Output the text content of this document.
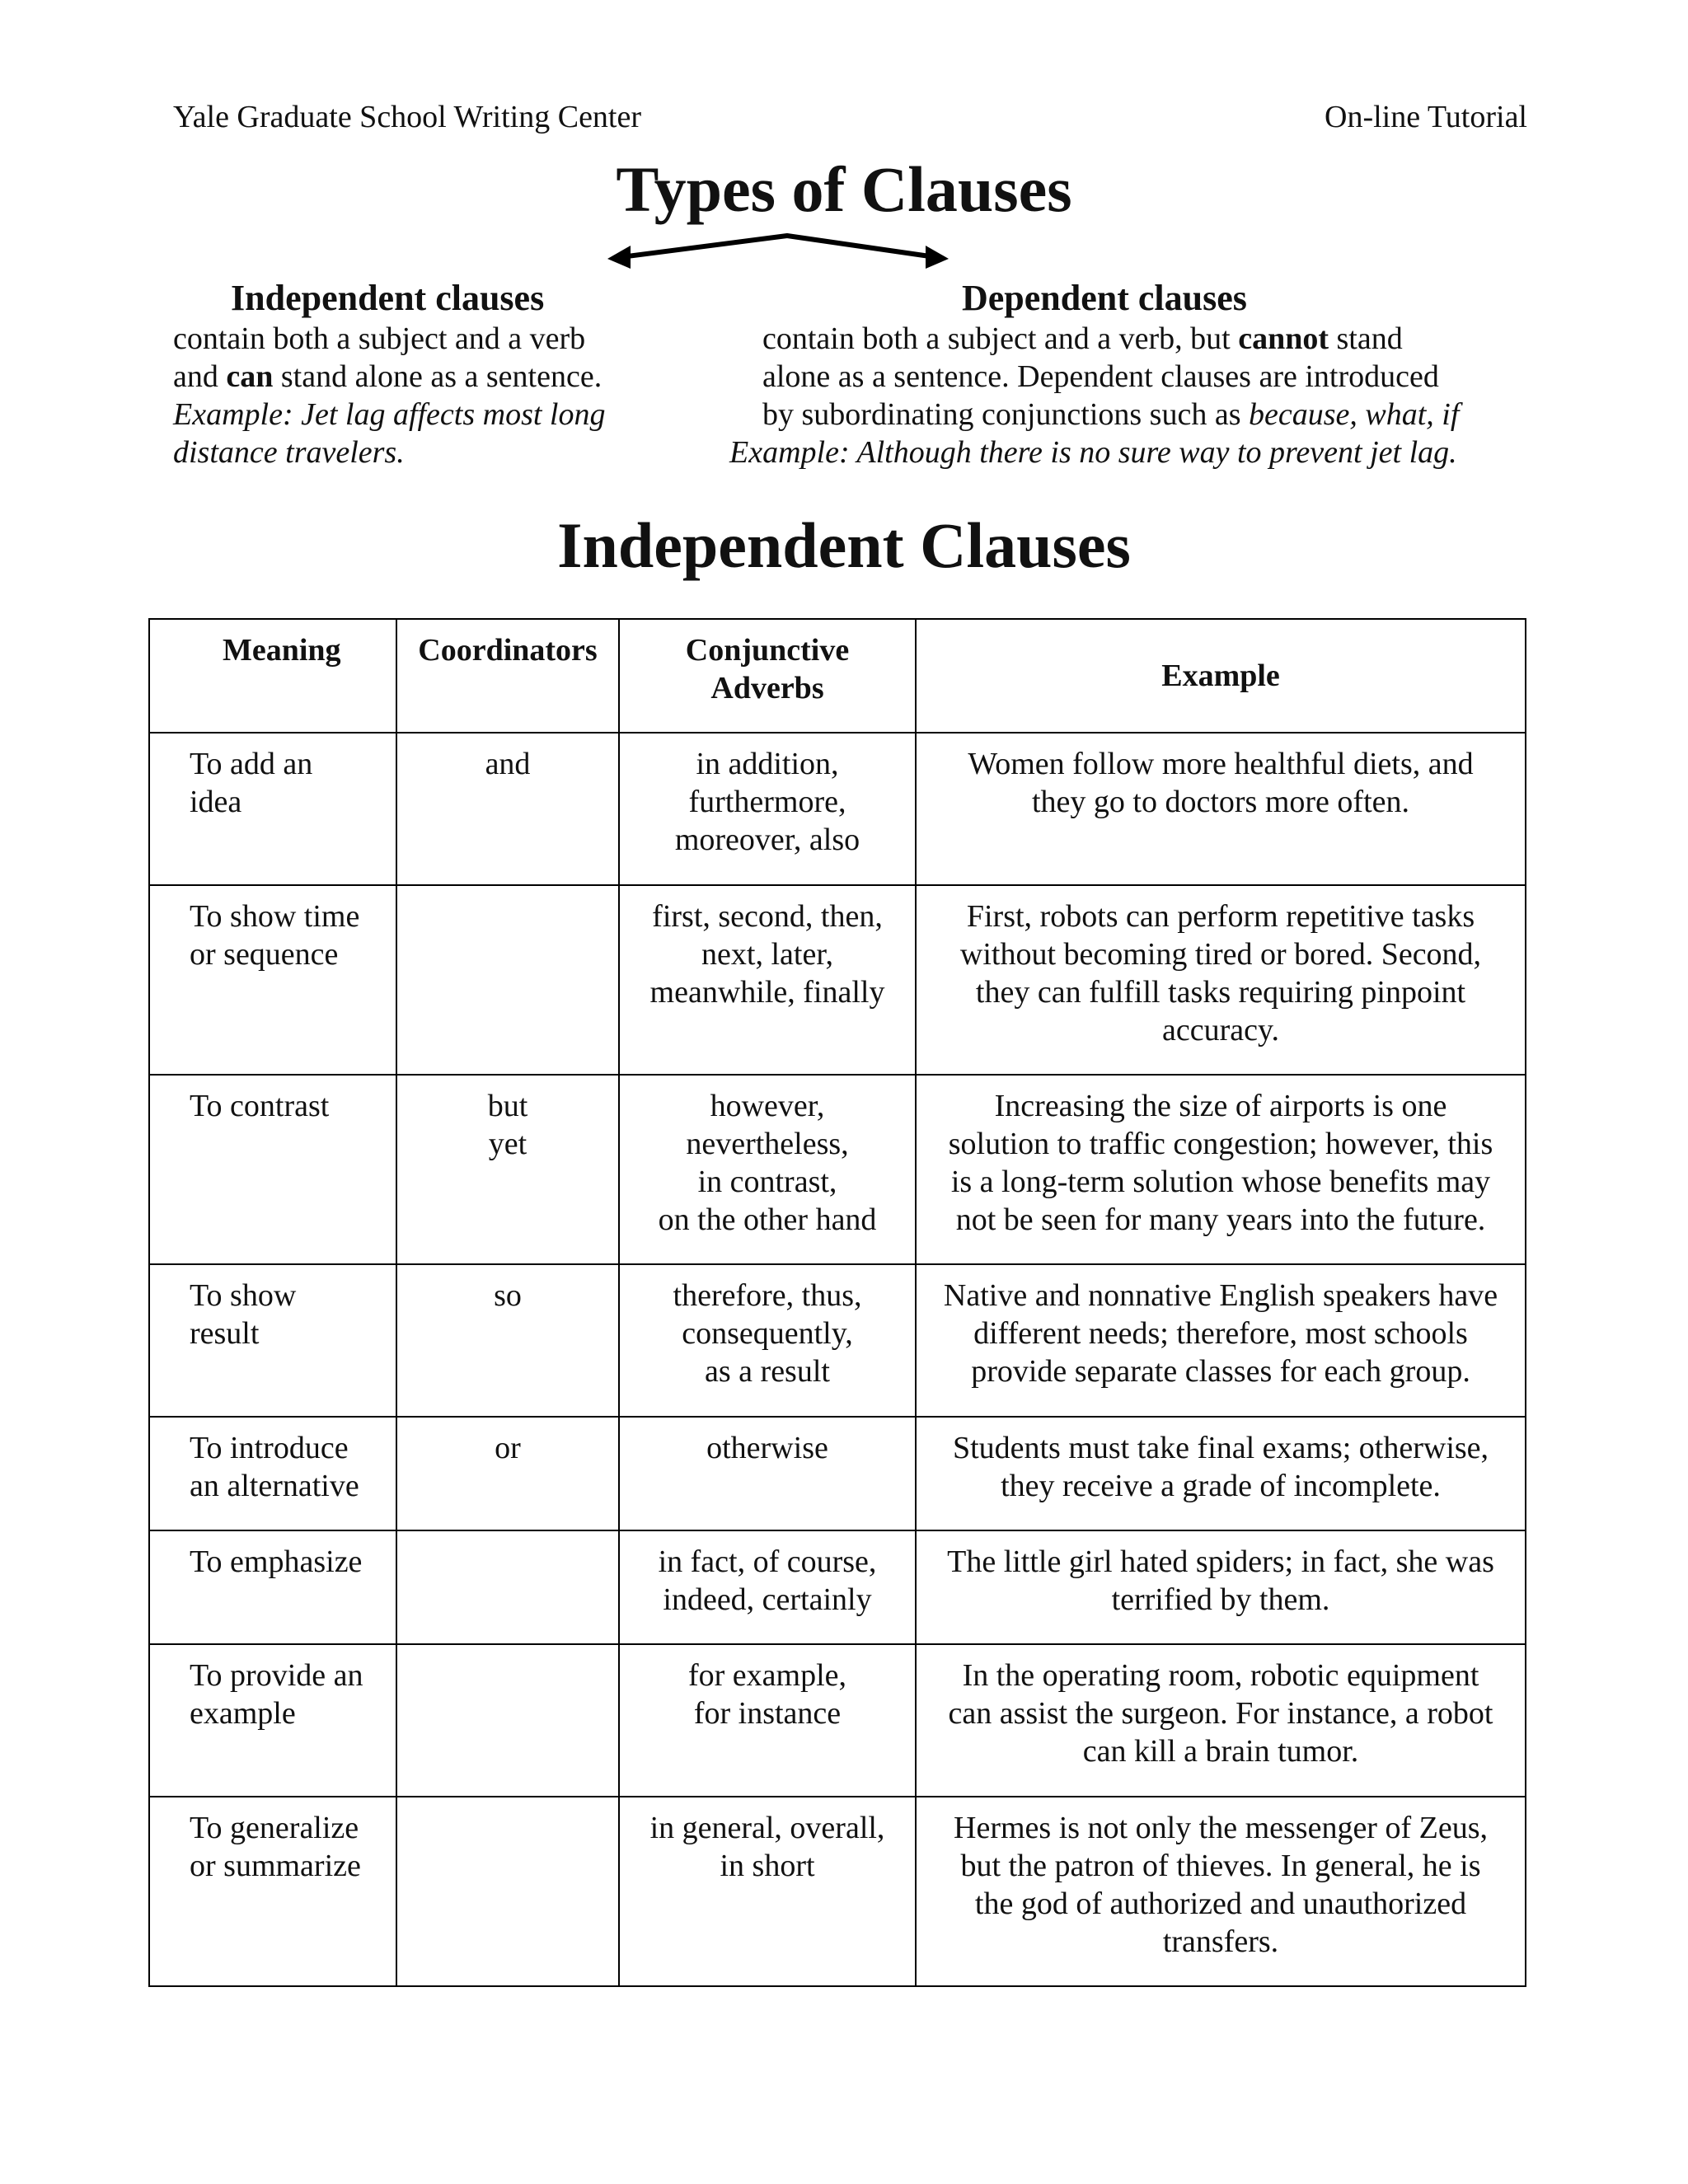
Yale Graduate School Writing Center	On-line Tutorial
Types of Clauses
Independent clauses
contain both a subject and a verb
and can stand alone as a sentence.
Example: Jet lag affects most long
distance travelers.
Dependent clauses
contain both a subject and a verb, but cannot stand
alone as a sentence. Dependent clauses are introduced
by subordinating conjunctions such as because, what, if
Example: Although there is no sure way to prevent jet lag.
Independent Clauses
Meaning	Coordinators	Conjunctive
Adverbs	Example

To add an
idea	and	in addition,
furthermore,
moreover, also	Women follow more healthful diets, and
they go to doctors more often.

To show time
or sequence		first, second, then,
next, later,
meanwhile, finally	First, robots can perform repetitive tasks
without becoming tired or bored. Second,
they can fulfill tasks requiring pinpoint
accuracy.

To contrast	but
yet	however,
nevertheless,
in contrast,
on the other hand	Increasing the size of airports is one
solution to traffic congestion; however, this
is a long-term solution whose benefits may
not be seen for many years into the future.

To show
result	so	therefore, thus,
consequently,
as a result	Native and nonnative English speakers have
different needs; therefore, most schools
provide separate classes for each group.

To introduce
an alternative	or	otherwise	Students must take final exams; otherwise,
they receive a grade of incomplete.

To emphasize		in fact, of course,
indeed, certainly	The little girl hated spiders; in fact, she was
terrified by them.

To provide an
example		for example,
for instance	In the operating room, robotic equipment
can assist the surgeon. For instance, a robot
can kill a brain tumor.

To generalize
or summarize		in general, overall,
in short	Hermes is not only the messenger of Zeus,
but the patron of thieves. In general, he is
the god of authorized and unauthorized
transfers.
